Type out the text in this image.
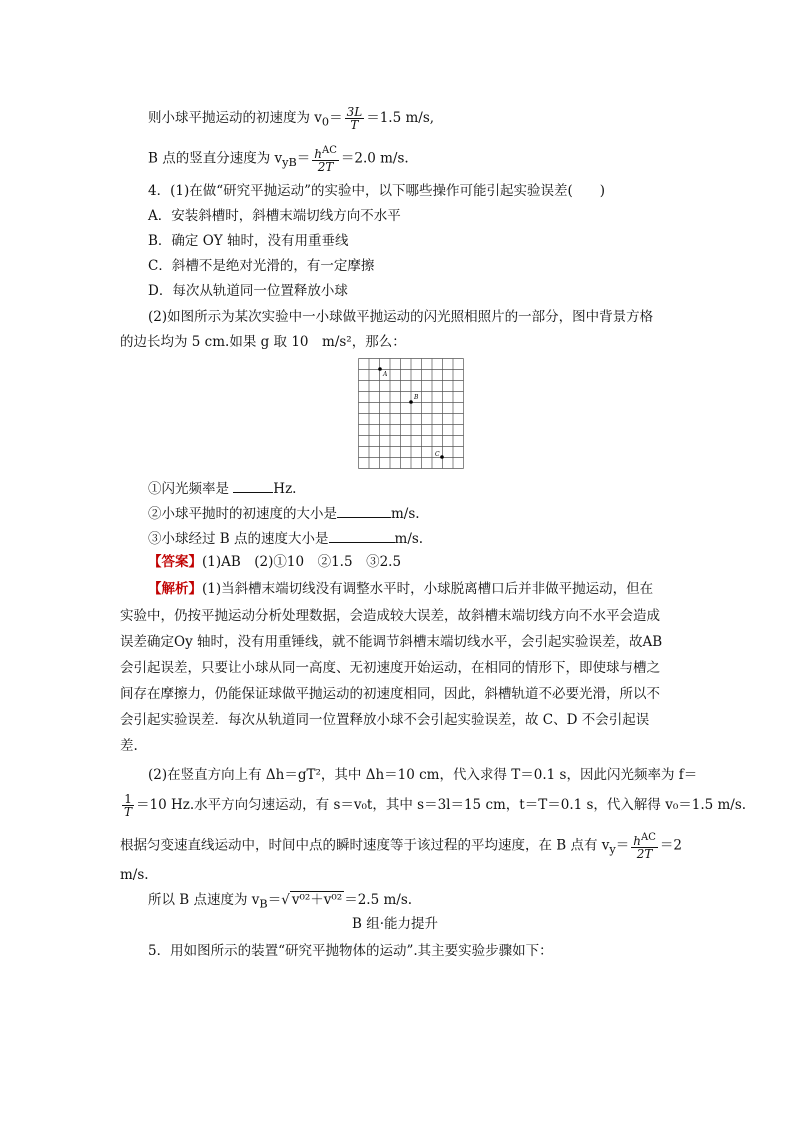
则小球平抛运动的初速度为 $v_0= \frac{3L}{T} =1.5$ m/s,
B 点的竖直分速度为 $v_{yB}= \frac{h^{AC}}{2T} =2.0$ m/s.
4．(1)在做“研究平抛运动”的实验中，以下哪些操作可能引起实验误差(　　)
A．安装斜槽时，斜槽末端切线方向不水平
B．确定 OY 轴时，没有用重垂线
C．斜槽不是绝对光滑的，有一定摩擦
D．每次从轨道同一位置释放小球
(2)如图所示为某次实验中一小球做平抛运动的闪光照相照片的一部分，图中背景方格
的边长均为 5 cm.如果 g 取 10　m/s²，那么：
A
B
C
①闪光频率是	Hz.
②小球平抛时的初速度的大小是	m/s.
③小球经过 B 点的速度大小是	m/s.
【答案】(1)AB　(2)①10　②1.5　③2.5
【解析】(1)当斜槽末端切线没有调整水平时，小球脱离槽口后并非做平抛运动，但在
实验中，仍按平抛运动分析处理数据，会造成较大误差，故斜槽末端切线方向不水平会造成
误差确定Oy 轴时，没有用重锤线，就不能调节斜槽末端切线水平，会引起实验误差，故AB
会引起误差，只要让小球从同一高度、无初速度开始运动，在相同的情形下，即使球与槽之
间存在摩擦力，仍能保证球做平抛运动的初速度相同，因此，斜槽轨道不必要光滑，所以不
会引起实验误差．每次从轨道同一位置释放小球不会引起实验误差，故 C、D 不会引起误
差.
(2)在竖直方向上有 Δh＝gT²，其中 Δh＝10 cm，代入求得 T＝0.1 s，因此闪光频率为 f＝
$\frac{1}{T} =10$ Hz.水平方向匀速运动，有 s＝v₀t，其中 s＝3l＝15 cm，t＝T＝0.1 s，代入解得 v₀＝1.5 m/s.
根据匀变速直线运动中，时间中点的瞬时速度等于该过程的平均速度，在 B 点有 $v_y= \frac{h^{AC}}{2T} =2$
m/s.
所以 B 点速度为 $v_B=√$ v⁰²＋v⁰² ＝2.5 m/s.
B 组·能力提升
5．用如图所示的装置“研究平抛物体的运动”.其主要实验步骤如下：
